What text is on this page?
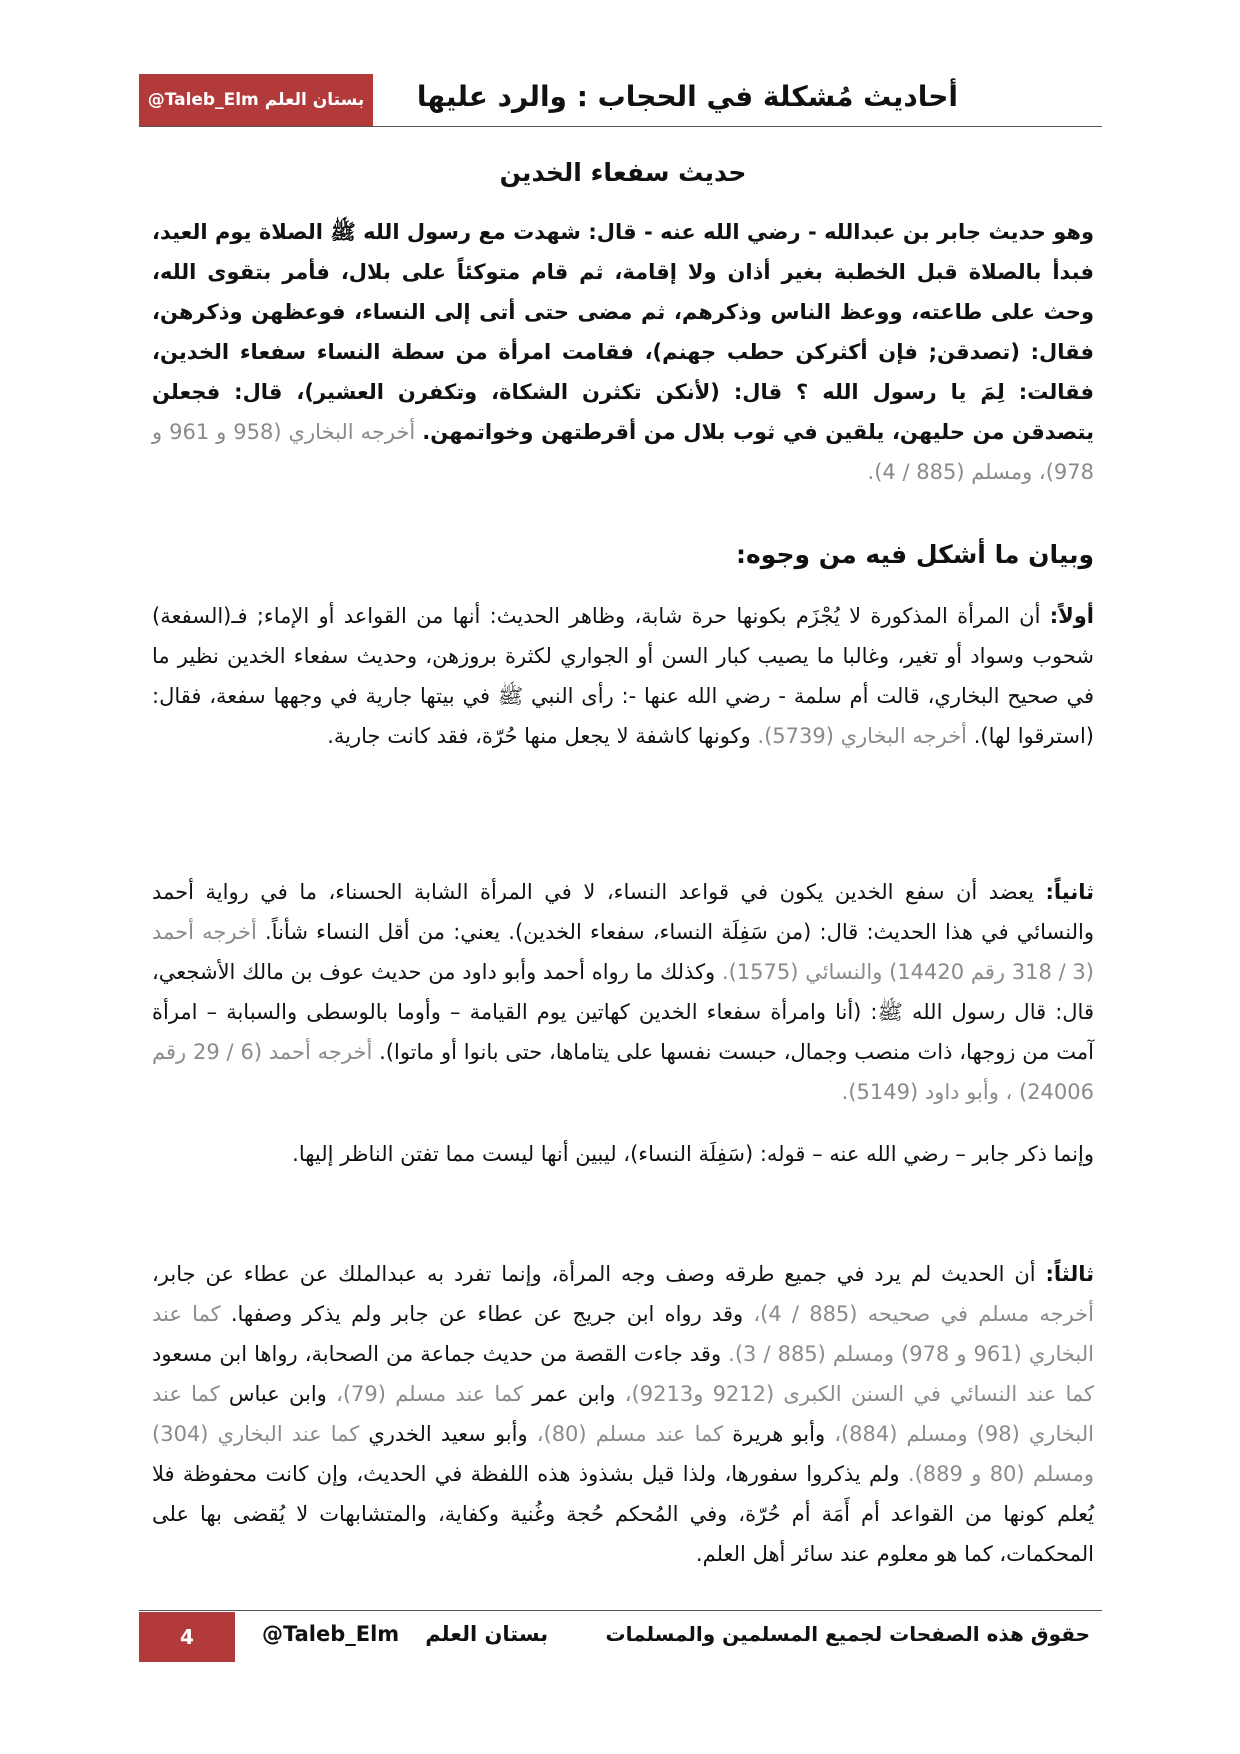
@Taleb_Elm بستان العلم أحاديث مُشكلة في الحجاب : والرد عليها
حديث سفعاء الخدين
وهو حديث جابر بن عبدالله - رضي الله عنه - قال: شهدت مع رسول الله ﷺ الصلاة يوم العيد، فبدأ بالصلاة قبل الخطبة بغير أذان ولا إقامة، ثم قام متوكئاً على بلال، فأمر بتقوى الله، وحث على طاعته، ووعظ الناس وذكرهم، ثم مضى حتى أتى إلى النساء، فوعظهن وذكرهن، فقال: (تصدقن; فإن أكثركن حطب جهنم)، فقامت امرأة من سطة النساء سفعاء الخدين، فقالت: لِمَ يا رسول الله ؟ قال: (لأنكن تكثرن الشكاة، وتكفرن العشير)، قال: فجعلن يتصدقن من حليهن، يلقين في ثوب بلال من أقرطتهن وخواتمهن. أخرجه البخاري (958 و 961 و 978)، ومسلم (885 / 4).
وبيان ما أشكل فيه من وجوه:
أولاً: أن المرأة المذكورة لا يُجْزَم بكونها حرة شابة، وظاهر الحديث: أنها من القواعد أو الإماء; فـ(السفعة) شحوب وسواد أو تغير، وغالبا ما يصيب كبار السن أو الجواري لكثرة بروزهن، وحديث سفعاء الخدين نظير ما في صحيح البخاري، قالت أم سلمة - رضي الله عنها -: رأى النبي ﷺ في بيتها جارية في وجهها سفعة، فقال: (استرقوا لها). أخرجه البخاري (5739). وكونها كاشفة لا يجعل منها حُرّة، فقد كانت جارية.
ثانياً: يعضد أن سفع الخدين يكون في قواعد النساء، لا في المرأة الشابة الحسناء، ما في رواية أحمد والنسائي في هذا الحديث: قال: (من سَفِلَة النساء، سفعاء الخدين). يعني: من أقل النساء شأناً. أخرجه أحمد (3 / 318 رقم 14420) والنسائي (1575). وكذلك ما رواه أحمد وأبو داود من حديث عوف بن مالك الأشجعي، قال: قال رسول الله ﷺ: (أنا وامرأة سفعاء الخدين كهاتين يوم القيامة – وأوما بالوسطى والسبابة – امرأة آمت من زوجها، ذات منصب وجمال، حبست نفسها على يتاماها، حتى بانوا أو ماتوا). أخرجه أحمد (6 / 29 رقم 24006) ، وأبو داود (5149).
وإنما ذكر جابر – رضي الله عنه – قوله: (سَفِلَة النساء)، ليبين أنها ليست مما تفتن الناظر إليها.
ثالثاً: أن الحديث لم يرد في جميع طرقه وصف وجه المرأة، وإنما تفرد به عبدالملك عن عطاء عن جابر، أخرجه مسلم في صحيحه (885 / 4)، وقد رواه ابن جريج عن عطاء عن جابر ولم يذكر وصفها. كما عند البخاري (961 و 978) ومسلم (885 / 3). وقد جاءت القصة من حديث جماعة من الصحابة، رواها ابن مسعود كما عند النسائي في السنن الكبرى (9212 و9213)، وابن عمر كما عند مسلم (79)، وابن عباس كما عند البخاري (98) ومسلم (884)، وأبو هريرة كما عند مسلم (80)، وأبو سعيد الخدري كما عند البخاري (304) ومسلم (80 و 889). ولم يذكروا سفورها، ولذا قيل بشذوذ هذه اللفظة في الحديث، وإن كانت محفوظة فلا يُعلم كونها من القواعد أم أَمَة أم حُرّة، وفي المُحكم حُجة وغُنية وكفاية، والمتشابهات لا يُقضى بها على المحكمات، كما هو معلوم عند سائر أهل العلم.
4	@Taleb_Elm بستان العلم	حقوق هذه الصفحات لجميع المسلمين والمسلمات
